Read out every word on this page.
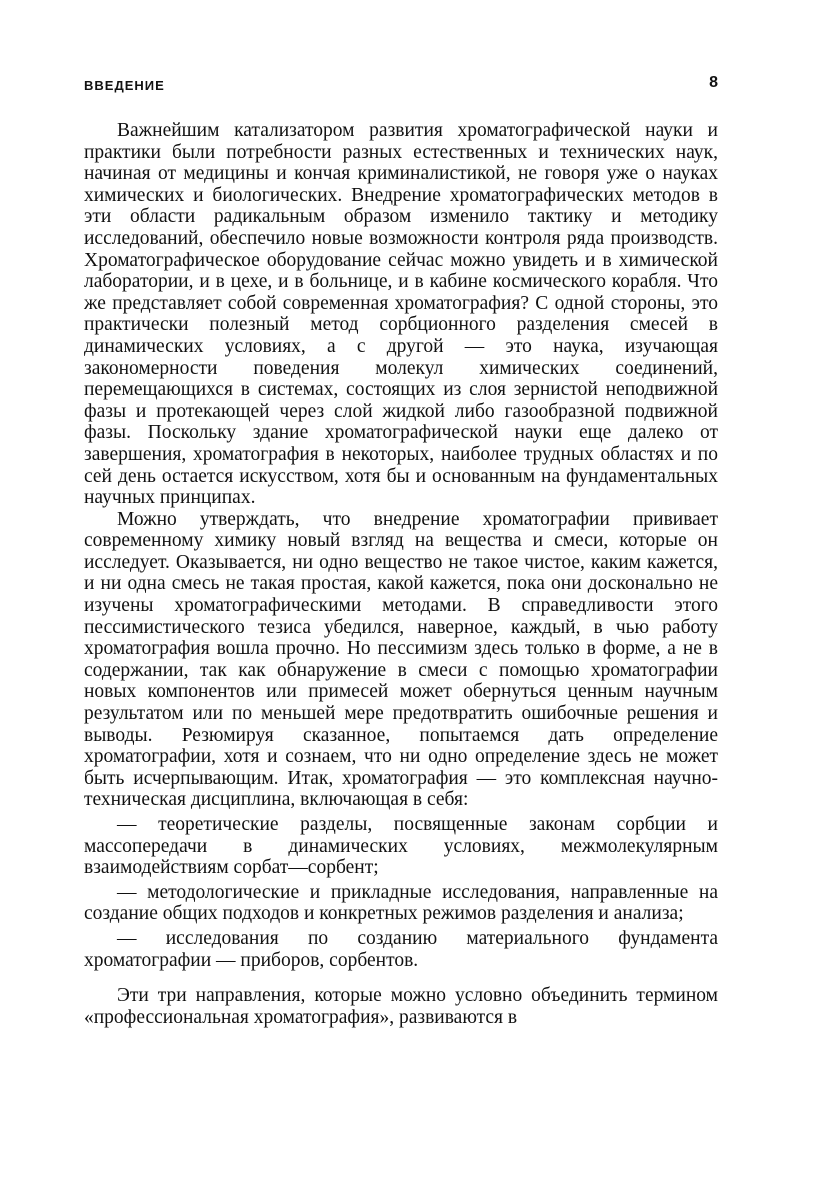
ВВЕДЕНИЕ	8

Важнейшим катализатором развития хроматографической науки и практики были потребности разных естественных и технических наук, начиная от медицины и кончая криминалистикой, не говоря уже о науках химических и биологических. Внедрение хроматографических методов в эти области радикальным образом изменило тактику и методику исследований, обеспечило новые возможности контроля ряда производств. Хроматографическое оборудование сейчас можно увидеть и в химической лаборатории, и в цехе, и в больнице, и в кабине космического корабля. Что же представляет собой современная хроматография? С одной стороны, это практически полезный метод сорбционного разделения смесей в динамических условиях, а с другой — это наука, изучающая закономерности поведения молекул химических соединений, перемещающихся в системах, состоящих из слоя зернистой неподвижной фазы и протекающей через слой жидкой либо газообразной подвижной фазы. Поскольку здание хроматографической науки еще далеко от завершения, хроматография в некоторых, наиболее трудных областях и по сей день остается искусством, хотя бы и основанным на фундаментальных научных принципах.

Можно утверждать, что внедрение хроматографии прививает современному химику новый взгляд на вещества и смеси, которые он исследует. Оказывается, ни одно вещество не такое чистое, каким кажется, и ни одна смесь не такая простая, какой кажется, пока они досконально не изучены хроматографическими методами. В справедливости этого пессимистического тезиса убедился, наверное, каждый, в чью работу хроматография вошла прочно. Но пессимизм здесь только в форме, а не в содержании, так как обнаружение в смеси с помощью хроматографии новых компонентов или примесей может обернуться ценным научным результатом или по меньшей мере предотвратить ошибочные решения и выводы. Резюмируя сказанное, попытаемся дать определение хроматографии, хотя и сознаем, что ни одно определение здесь не может быть исчерпывающим. Итак, хроматография — это комплексная научно-техническая дисциплина, включающая в себя:

— теоретические разделы, посвященные законам сорбции и массопередачи в динамических условиях, межмолекулярным взаимодействиям сорбат—сорбент;

— методологические и прикладные исследования, направленные на создание общих подходов и конкретных режимов разделения и анализа;

— исследования по созданию материального фундамента хроматографии — приборов, сорбентов.

Эти три направления, которые можно условно объединить термином «профессиональная хроматография», развиваются в
